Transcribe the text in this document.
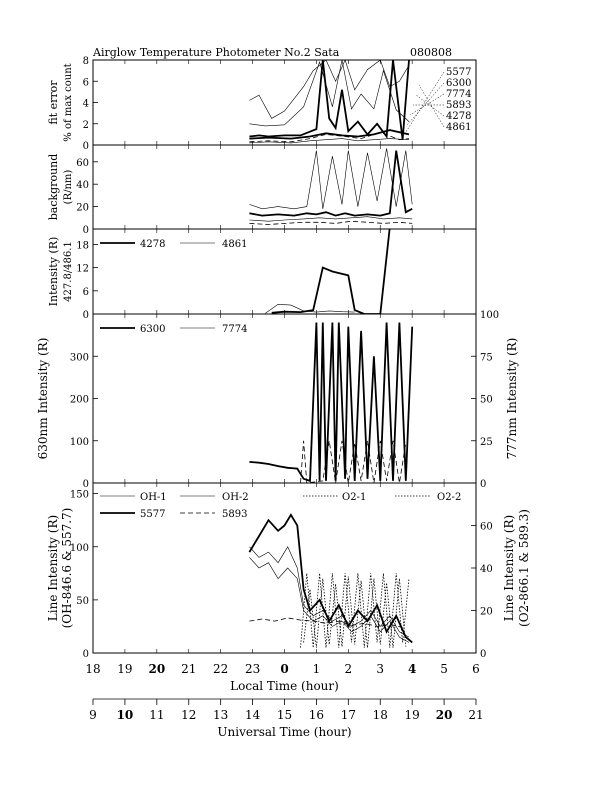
Airglow Temperature Photometer No.2 Sata	080808
0
2
4
6
8
fit error % of max count
0
20
40
60
background (R/nm)
0
6
12
18
Intensity (R) 427.8/486.1
0
100
200
300
0
25
50
75
100
630nm Intensity (R)	777nm Intensity (R)
0
50
100
150
0
20
40
60
Line Intensity (R) (OH-846.6 & 557.7)	Line Intensity (R) (O2-866.1 & 589.3)
5577
6300
7774
5893
4278
4861
4278	4861
6300	7774
OH-1	OH-2
5577	5893
O2-1	O2-2
18 19 20 21 22 23 0 1 2 3 4 5 6
Local Time (hour)
9 10 11 12 13 14 15 16 17 18 19 20 21
Universal Time (hour)
